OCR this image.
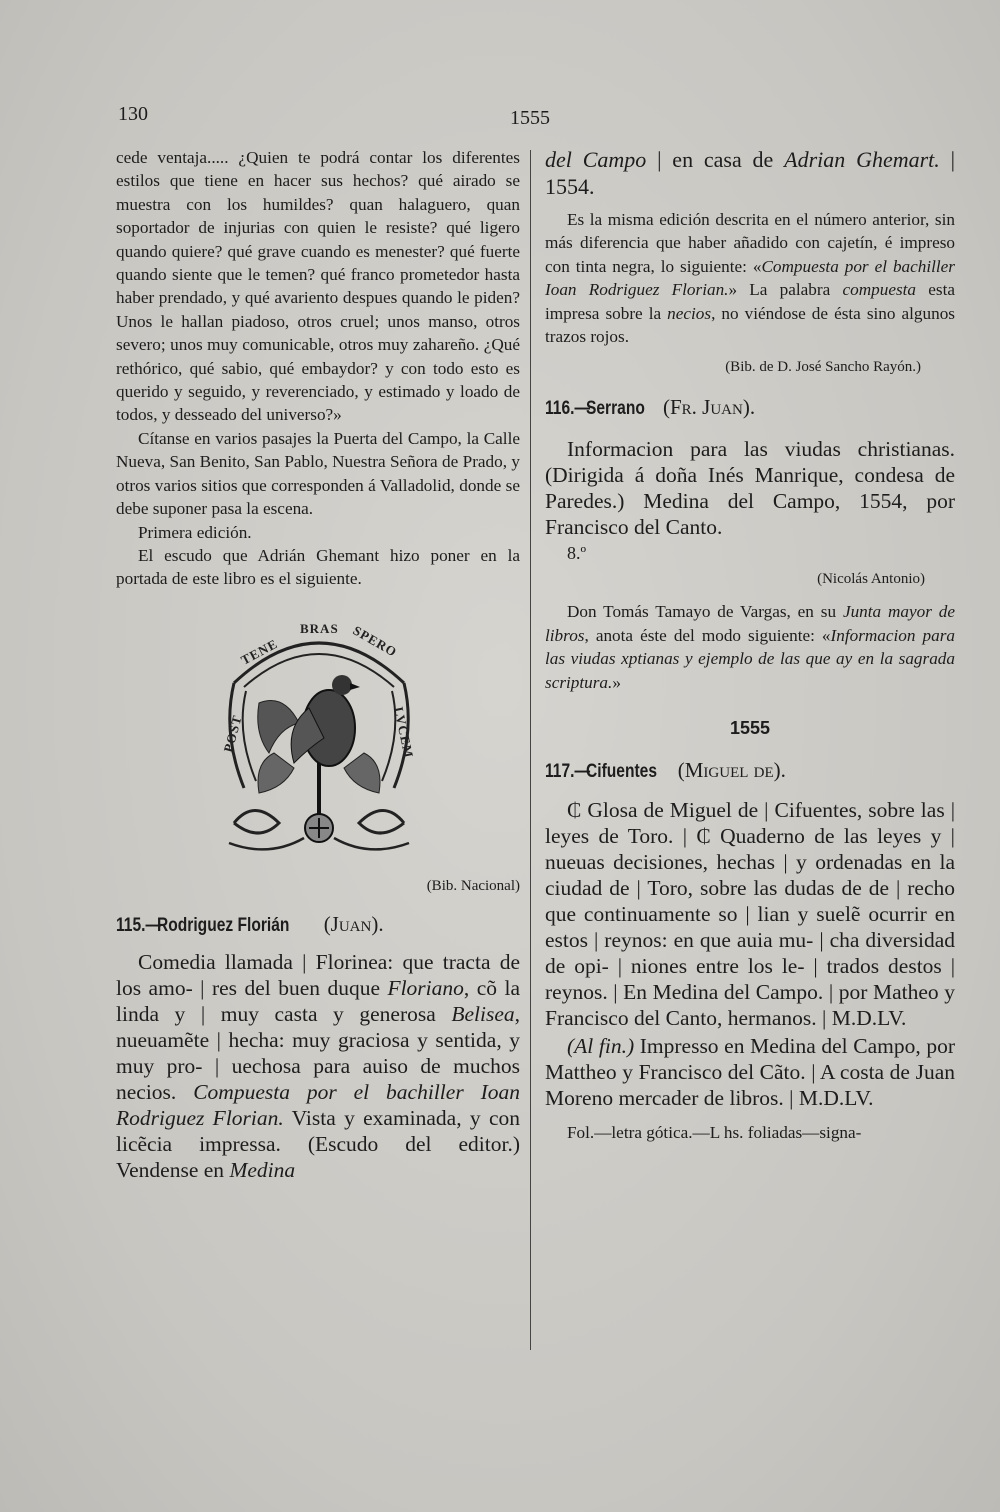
130	1555

cede ventaja..... ¿Quien te podrá contar los diferentes estilos que tiene en hacer sus hechos? qué airado se muestra con los humildes? quan halaguero, quan soportador de injurias con quien le resiste? qué ligero quando quiere? qué grave cuando es menester? qué fuerte quando siente que le temen? qué franco prometedor hasta haber prendado, y qué avariento despues quando le piden? Unos le hallan piadoso, otros cruel; unos manso, otros severo; unos muy comunicable, otros muy zahareño. ¿Qué rethórico, qué sabio, qué embaydor? y con todo esto es querido y seguido, y reverenciado, y estimado y loado de todos, y desseado del universo?»

Cítanse en varios pasajes la Puerta del Campo, la Calle Nueva, San Benito, San Pablo, Nuestra Señora de Prado, y otros varios sitios que corresponden á Valladolid, donde se debe suponer pasa la escena.

Primera edición.

El escudo que Adrián Ghemant hizo poner en la portada de este libro es el siguiente.

TENE
BRAS SPERO
POST	LVCEM

(Bib. Nacional)

115.—Rodriguez Florián (Juan).

Comedia llamada | Florinea: que tracta de los amo- | res del buen duque Floriano, cõ la linda y | muy casta y generosa Belisea, nueuamẽte | hecha: muy graciosa y sentida, y muy pro- | uechosa para auiso de muchos necios. Compuesta por el bachiller Ioan Rodriguez Florian. Vista y examinada, y con licẽcia impressa. (Escudo del editor.) Vendense en Medina

del Campo | en casa de Adrian Ghemart. | 1554.

Es la misma edición descrita en el número anterior, sin más diferencia que haber añadido con cajetín, é impreso con tinta negra, lo siguiente: «Compuesta por el bachiller Ioan Rodriguez Florian.» La palabra compuesta esta impresa sobre la necios, no viéndose de ésta sino algunos trazos rojos.

(Bib. de D. José Sancho Rayón.)

116.—Serrano (Fr. Juan).

Informacion para las viudas christianas. (Dirigida á doña Inés Manrique, condesa de Paredes.) Medina del Campo, 1554, por Francisco del Canto.

8.º

(Nicolás Antonio)

Don Tomás Tamayo de Vargas, en su Junta mayor de libros, anota éste del modo siguiente: «Informacion para las viudas xptianas y ejemplo de las que ay en la sagrada scriptura.»

1555
117.—Cifuentes (Miguel de).

₵ Glosa de Miguel de | Cifuentes, sobre las | leyes de Toro. | ₵ Quaderno de las leyes y | nueuas decisiones, hechas | y ordenadas en la ciudad de | Toro, sobre las dudas de de | recho que continuamente so | lian y suelẽ ocurrir en estos | reynos: en que auia mu- | cha diversidad de opi- | niones entre los le- | trados destos | reynos. | En Medina del Campo. | por Matheo y Francisco del Canto, hermanos. | M.D.LV.

(Al fin.) Impresso en Medina del Campo, por Mattheo y Francisco del Cãto. | A costa de Juan Moreno mercader de libros. | M.D.LV.

Fol.—letra gótica.—L hs. foliadas—signa-
